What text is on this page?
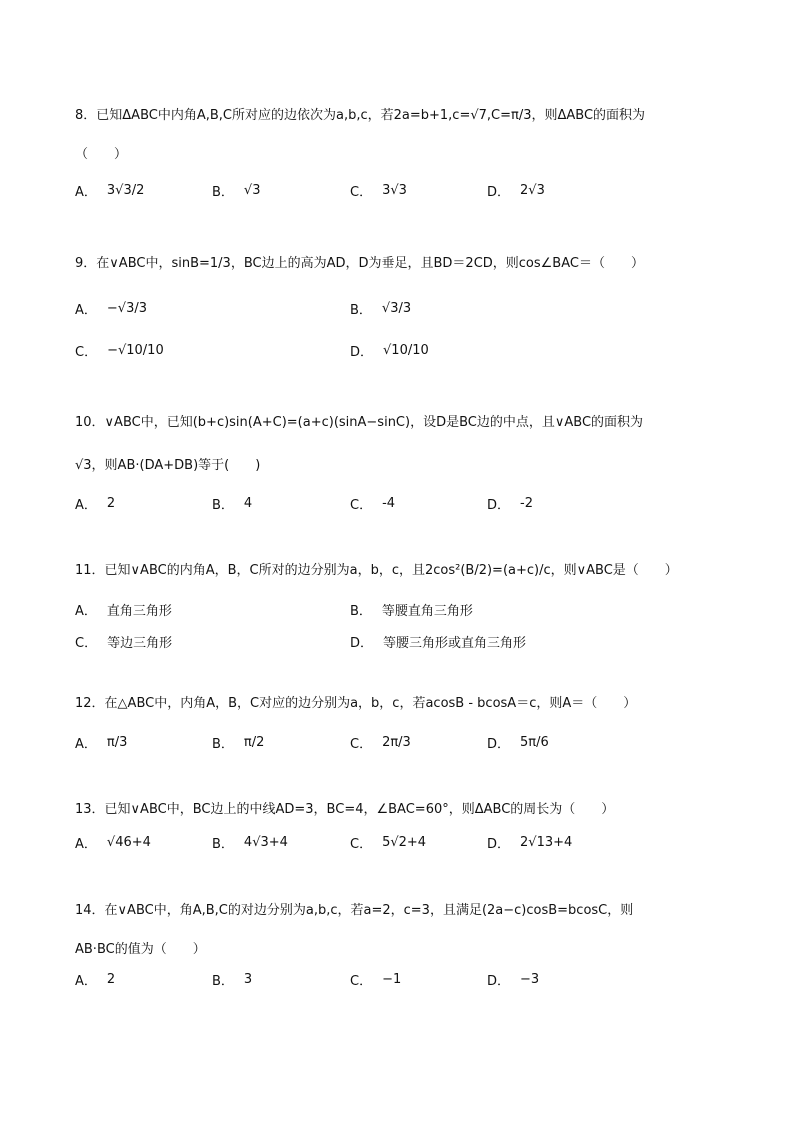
8．已知ΔABC中内角A,B,C所对应的边依次为a,b,c，若2a=b+1,c=√7,C=π/3，则ΔABC的面积为
（　　）
A． 3√3/2	B． √3	C． 3√3	D． 2√3
9．在∨ABC中，sinB=1/3，BC边上的高为AD，D为垂足，且BD＝2CD，则cos∠BAC＝（　　）
A． −√3/3	B． √3/3
C． −√10/10	D． √10/10
10．∨ABC中，已知(b+c)sin(A+C)=(a+c)(sinA−sinC)，设D是BC边的中点，且∨ABC的面积为
√3，则AB·(DA+DB)等于(　　)
A． 2	B． 4	C． -4	D． -2
11．已知∨ABC的内角A，B，C所对的边分别为a，b，c，且2cos²(B/2)=(a+c)/c，则∨ABC是（　　）
A． 直角三角形	B． 等腰直角三角形
C． 等边三角形	D． 等腰三角形或直角三角形
12．在△ABC中，内角A，B，C对应的边分别为a，b，c，若acosB - bcosA＝c，则A＝（　　）
A． π/3	B． π/2	C． 2π/3	D． 5π/6
13．已知∨ABC中，BC边上的中线AD=3，BC=4，∠BAC=60°，则ΔABC的周长为（　　）
A． √46+4	B． 4√3+4	C． 5√2+4	D． 2√13+4
14．在∨ABC中，角A,B,C的对边分别为a,b,c，若a=2，c=3，且满足(2a−c)cosB=bcosC，则
AB·BC的值为（　　）
A． 2	B． 3	C． −1	D． −3
